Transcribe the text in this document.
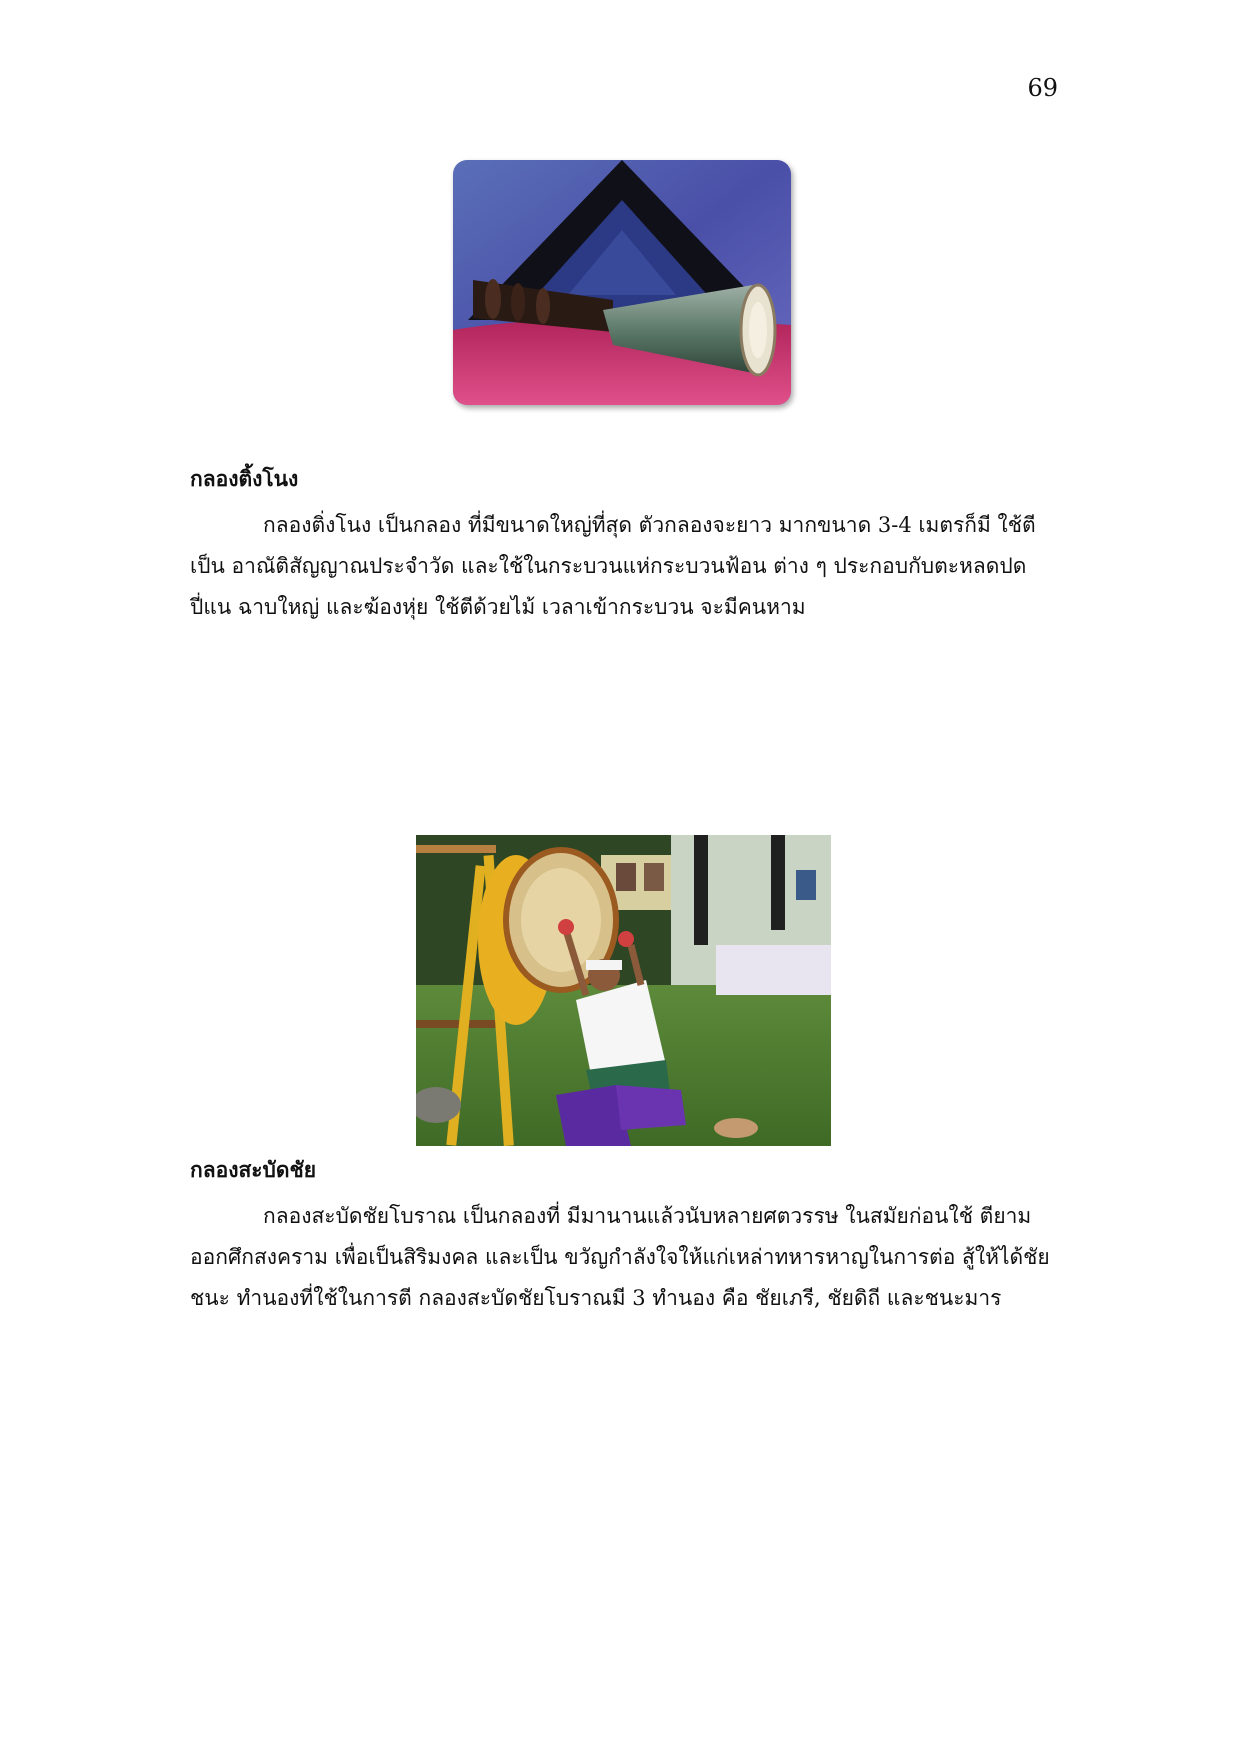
69
กลองติ้งโนง
กลองติ่งโนง เป็นกลอง ที่มีขนาดใหญ่ที่สุด ตัวกลองจะยาว มากขนาด 3-4 เมตรก็มี ใช้ตี
เป็น อาณัติสัญญาณประจำวัด และใช้ในกระบวนแห่กระบวนฟ้อน ต่าง ๆ ประกอบกับตะหลดปด
ปี่แน ฉาบใหญ่ และฆ้องหุ่ย ใช้ตีด้วยไม้ เวลาเข้ากระบวน จะมีคนหาม
กลองสะบัดชัย
กลองสะบัดชัยโบราณ เป็นกลองที่ มีมานานแล้วนับหลายศตวรรษ ในสมัยก่อนใช้ ตียาม
ออกศึกสงคราม เพื่อเป็นสิริมงคล และเป็น ขวัญกำลังใจให้แก่เหล่าทหารหาญในการต่อ สู้ให้ได้ชัย
ชนะ ทำนองที่ใช้ในการตี กลองสะบัดชัยโบราณมี 3 ทำนอง คือ ชัยเภรี, ชัยดิถี และชนะมาร
